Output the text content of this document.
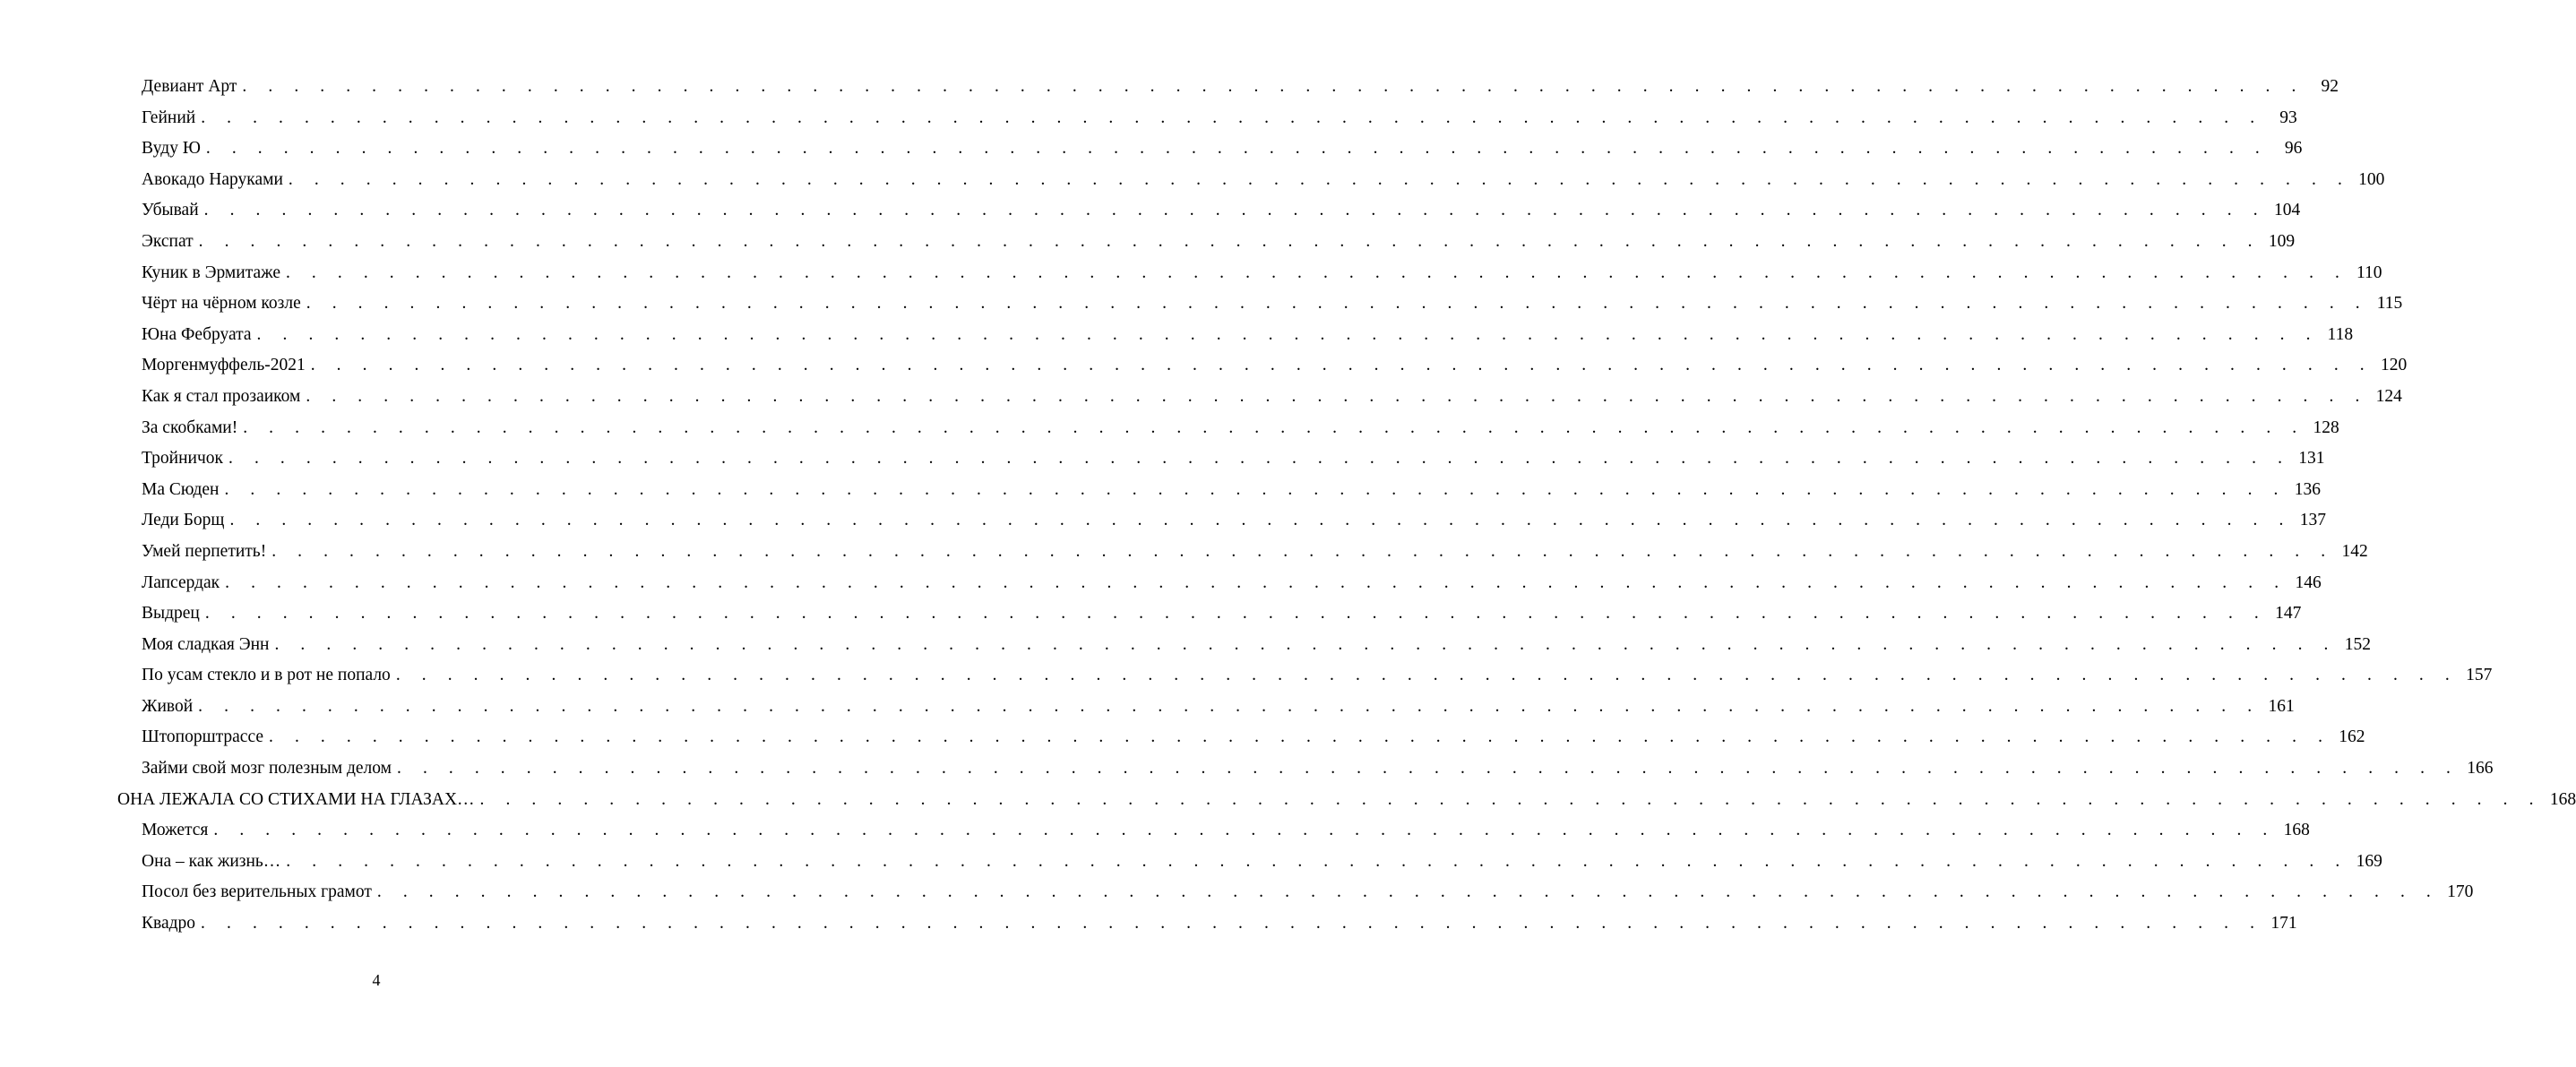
Девиант Арт . . . . . . . . . . . . . . . . . . . . . . . . . . . . . . . . . . . . . . . . . . . . . . . . . . . . . . . . . . . . . . . . . . . . . . . . . . . . . . . . 92
Гейний . . . . . . . . . . . . . . . . . . . . . . . . . . . . . . . . . . . . . . . . . . . . . . . . . . . . . . . . . . . . . . . . . . . . . . . . . . . . . . . . 93
Вуду Ю . . . . . . . . . . . . . . . . . . . . . . . . . . . . . . . . . . . . . . . . . . . . . . . . . . . . . . . . . . . . . . . . . . . . . . . . . . . . . . . . 96
Авокадо Наруками . . . . . . . . . . . . . . . . . . . . . . . . . . . . . . . . . . . . . . . . . . . . . . . . . . . . . . . . . . . . . . . . . . . . . . . . . . . . . . . . 100
Убывай . . . . . . . . . . . . . . . . . . . . . . . . . . . . . . . . . . . . . . . . . . . . . . . . . . . . . . . . . . . . . . . . . . . . . . . . . . . . . . . . 104
Экспат . . . . . . . . . . . . . . . . . . . . . . . . . . . . . . . . . . . . . . . . . . . . . . . . . . . . . . . . . . . . . . . . . . . . . . . . . . . . . . . . 109
Куник в Эрмитаже . . . . . . . . . . . . . . . . . . . . . . . . . . . . . . . . . . . . . . . . . . . . . . . . . . . . . . . . . . . . . . . . . . . . . . . . . . . . . . . . 110
Чёрт на чёрном козле . . . . . . . . . . . . . . . . . . . . . . . . . . . . . . . . . . . . . . . . . . . . . . . . . . . . . . . . . . . . . . . . . . . . . . . . . . . . . . . . 115
Юна Фебруата . . . . . . . . . . . . . . . . . . . . . . . . . . . . . . . . . . . . . . . . . . . . . . . . . . . . . . . . . . . . . . . . . . . . . . . . . . . . . . . . 118
Моргенмуффель-2021 . . . . . . . . . . . . . . . . . . . . . . . . . . . . . . . . . . . . . . . . . . . . . . . . . . . . . . . . . . . . . . . . . . . . . . . . . . . . . . . . 120
Как я стал прозаиком . . . . . . . . . . . . . . . . . . . . . . . . . . . . . . . . . . . . . . . . . . . . . . . . . . . . . . . . . . . . . . . . . . . . . . . . . . . . . . . . 124
За скобками! . . . . . . . . . . . . . . . . . . . . . . . . . . . . . . . . . . . . . . . . . . . . . . . . . . . . . . . . . . . . . . . . . . . . . . . . . . . . . . . . 128
Тройничок . . . . . . . . . . . . . . . . . . . . . . . . . . . . . . . . . . . . . . . . . . . . . . . . . . . . . . . . . . . . . . . . . . . . . . . . . . . . . . . . 131
Ма Сюден . . . . . . . . . . . . . . . . . . . . . . . . . . . . . . . . . . . . . . . . . . . . . . . . . . . . . . . . . . . . . . . . . . . . . . . . . . . . . . . . 136
Леди Борщ . . . . . . . . . . . . . . . . . . . . . . . . . . . . . . . . . . . . . . . . . . . . . . . . . . . . . . . . . . . . . . . . . . . . . . . . . . . . . . . . 137
Умей перпетить! . . . . . . . . . . . . . . . . . . . . . . . . . . . . . . . . . . . . . . . . . . . . . . . . . . . . . . . . . . . . . . . . . . . . . . . . . . . . . . . . 142
Лапсердак . . . . . . . . . . . . . . . . . . . . . . . . . . . . . . . . . . . . . . . . . . . . . . . . . . . . . . . . . . . . . . . . . . . . . . . . . . . . . . . . 146
Выдрец . . . . . . . . . . . . . . . . . . . . . . . . . . . . . . . . . . . . . . . . . . . . . . . . . . . . . . . . . . . . . . . . . . . . . . . . . . . . . . . . 147
Моя сладкая Энн . . . . . . . . . . . . . . . . . . . . . . . . . . . . . . . . . . . . . . . . . . . . . . . . . . . . . . . . . . . . . . . . . . . . . . . . . . . . . . . . 152
По усам стекло и в рот не попало . . . . . . . . . . . . . . . . . . . . . . . . . . . . . . . . . . . . . . . . . . . . . . . . . . . . . . . . . . . . . . . . . . . . . . . . . . . . . . . . 157
Живой . . . . . . . . . . . . . . . . . . . . . . . . . . . . . . . . . . . . . . . . . . . . . . . . . . . . . . . . . . . . . . . . . . . . . . . . . . . . . . . . 161
Штопорштрассе . . . . . . . . . . . . . . . . . . . . . . . . . . . . . . . . . . . . . . . . . . . . . . . . . . . . . . . . . . . . . . . . . . . . . . . . . . . . . . . . 162
Займи свой мозг полезным делом . . . . . . . . . . . . . . . . . . . . . . . . . . . . . . . . . . . . . . . . . . . . . . . . . . . . . . . . . . . . . . . . . . . . . . . . . . . . . . . . 166
ОНА ЛЕЖАЛА СО СТИХАМИ НА ГЛАЗАХ… . . . . . . . . . . . . . . . . . . . . . . . . . . . . . . . . . . . . . . . . . . . . . . . . . . . . . . . . . . . . . . . . . . . . . . . . . . . . . . . . 168
Можется . . . . . . . . . . . . . . . . . . . . . . . . . . . . . . . . . . . . . . . . . . . . . . . . . . . . . . . . . . . . . . . . . . . . . . . . . . . . . . . . 168
Она – как жизнь… . . . . . . . . . . . . . . . . . . . . . . . . . . . . . . . . . . . . . . . . . . . . . . . . . . . . . . . . . . . . . . . . . . . . . . . . . . . . . . . . 169
Посол без верительных грамот . . . . . . . . . . . . . . . . . . . . . . . . . . . . . . . . . . . . . . . . . . . . . . . . . . . . . . . . . . . . . . . . . . . . . . . . . . . . . . . . 170
Квадро . . . . . . . . . . . . . . . . . . . . . . . . . . . . . . . . . . . . . . . . . . . . . . . . . . . . . . . . . . . . . . . . . . . . . . . . . . . . . . . . 171
4
